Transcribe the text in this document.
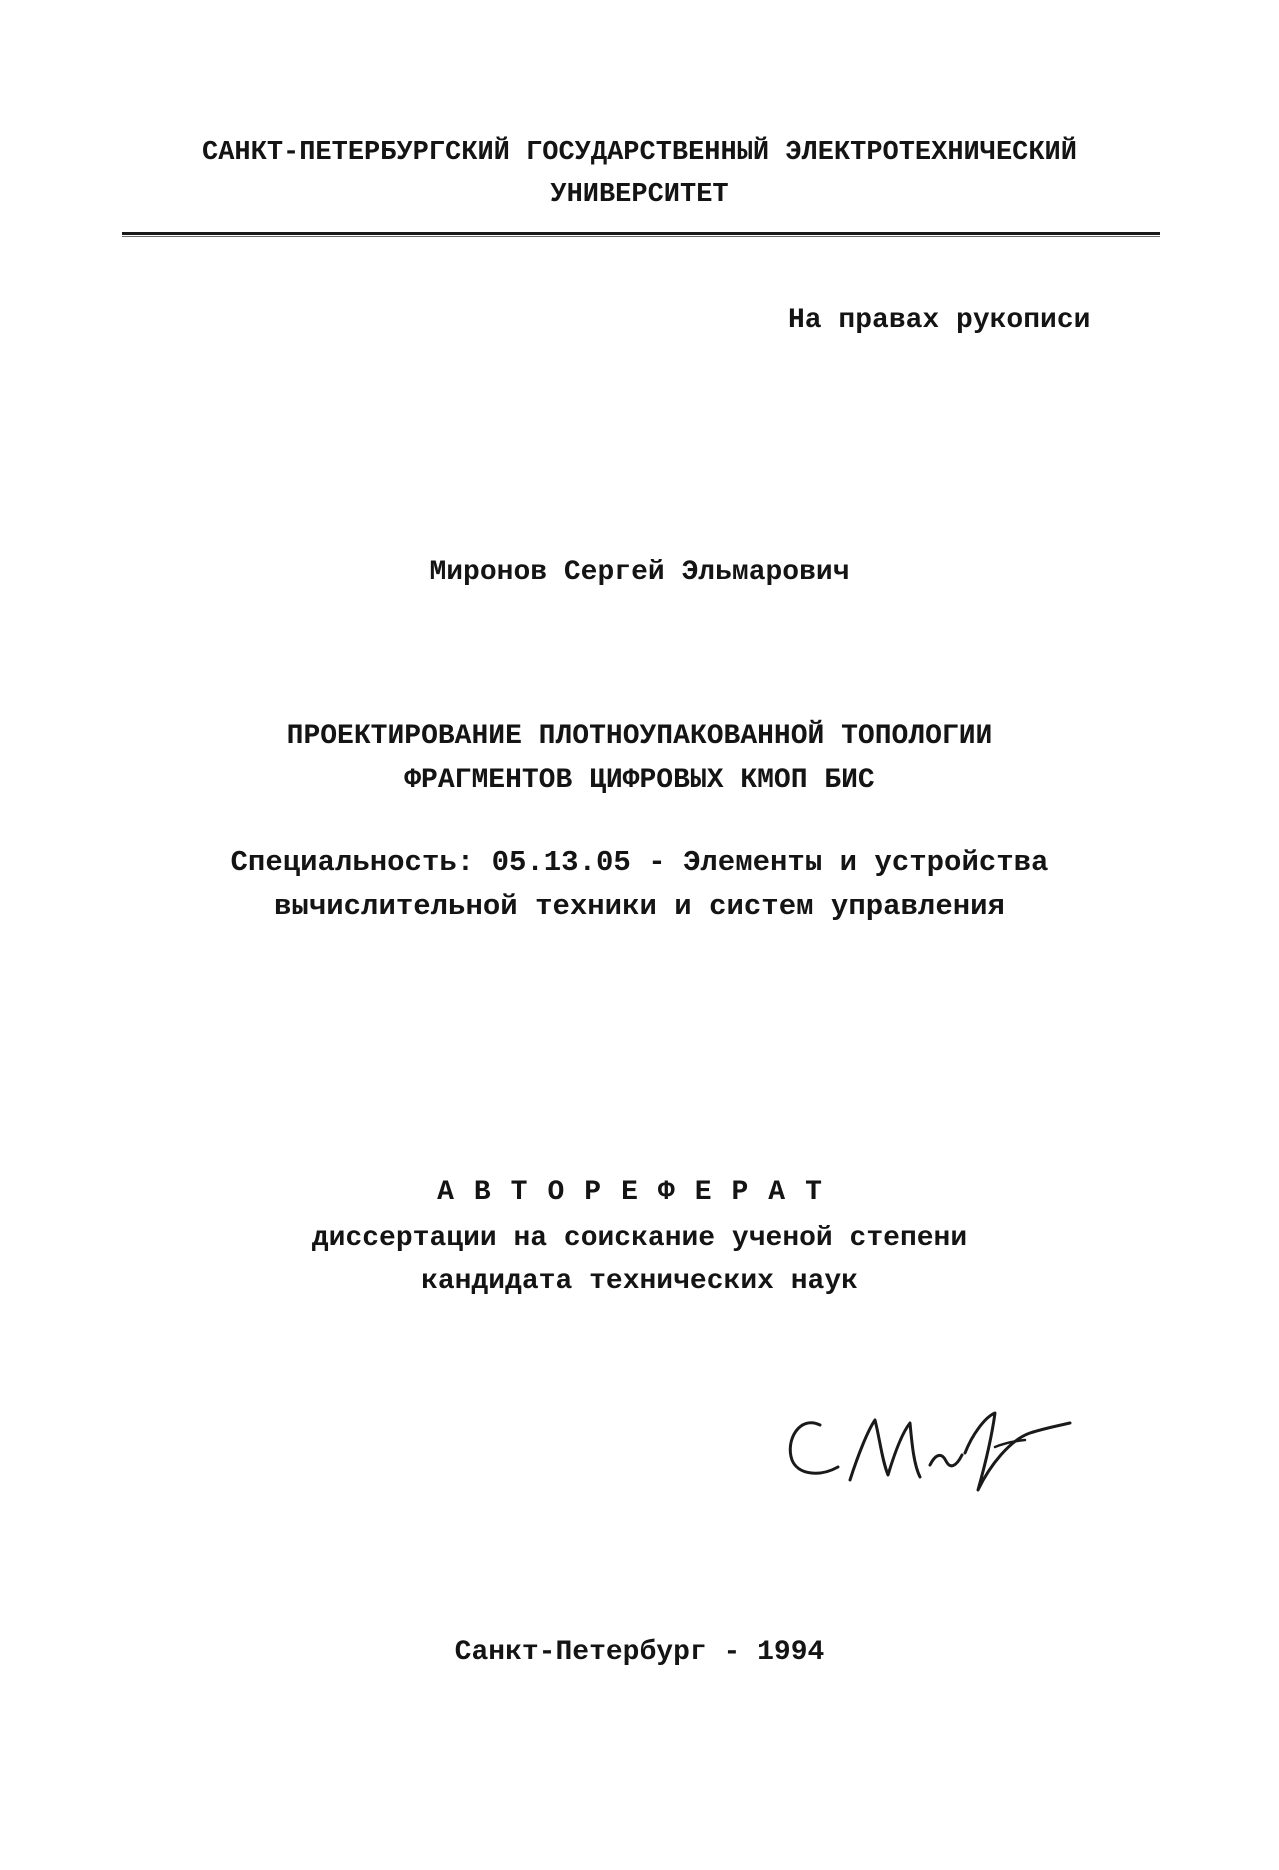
САНКТ-ПЕТЕРБУРГСКИЙ ГОСУДАРСТВЕННЫЙ ЭЛЕКТРОТЕХНИЧЕСКИЙ
УНИВЕРСИТЕТ
На правах рукописи
Миронов Сергей Эльмарович
ПРОЕКТИРОВАНИЕ ПЛОТНОУПАКОВАННОЙ ТОПОЛОГИИ
ФРАГМЕНТОВ ЦИФРОВЫХ КМОП БИС
Специальность: 05.13.05 - Элементы и устройства
вычислительной техники и систем управления
АВТОРЕФЕРАТ
диссертации на соискание ученой степени
кандидата технических наук
Санкт-Петербург - 1994
